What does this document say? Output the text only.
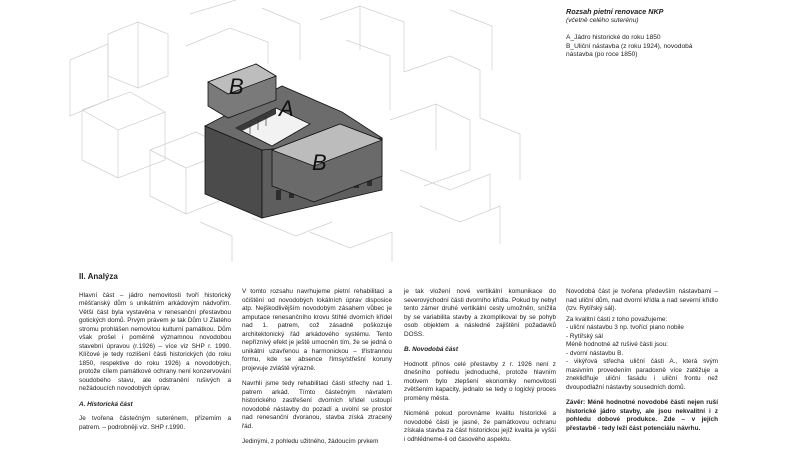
B
A
B
Rozsah pietní renovace NKP
(včetně celého suterénu)
A_Jádro historické do roku 1850
B_Uliční nástavba (z roku 1924), novodobá nástavba (po roce 1850)
II. Analýza

Hlavní část – jádro nemovitosti tvoří historický měšťanský dům s unikátním arkádovým nádvořím. Větší část byla vystavěna v renesanční přestavbou gotických domů. Prvým právem je tak Dům U Zlatého stromu prohlášen nemovitou kulturní památkou. Dům však prošel i poměrně významnou novodobou stavební úpravou (r.1926) – více viz SHP r. 1990. Klíčové je tedy rozlišení části historických (do roku 1850, respektive do roku 1926) a novodobých, protože cílem památkové ochrany není konzervování soudobého stavu, ale odstranění rušivých a nežádoucích novodobých úprav.

A. Historická část

Je tvořena částečným suterénem, přízemím a patrem. – podrobněji viz. SHP r.1990.

V tomto rozsahu navrhujeme pietní rehabilitaci a očištění od novodobých lokálních úprav disposice atp. Nejškodlivějším novodobým zásahem vůbec je amputace renesančního krovu štíhlé dvorních křídel nad 1. patrem, což zásadně poškozuje architektonický řád arkádového systému. Tento nepříznivý efekt je ještě umocněn tím, že se jedná o unikátní uzavřenou a harmonickou – třístrannou formu, kde se absence římsy/střešní koruny projevuje zvláště výrazně.

Navrhli jsme tedy rehabilitaci části střechy nad 1. patrem arkád. Tímto částečným návratem historického zastřešení dvorních křídel ustoupí novodobé nástavby do pozadí a uvolní se prostor nad renesanční dvoranou, stavba získá ztracený řád.

Jedinými, z pohledu užitného, žádoucím prvkem

je tak vložení nové vertikální komunikace do severovýchodní části dvorního křídla. Pokud by nebyl tento zámer druhé vertikální cesty umožněn, snížila by se variabilita stavby a zkomplikoval by se pohyb osob objektem a následné zajištění požadavků DOSS.

B. Novodobá část

Hodnotit přínos celé přestavby z r. 1926 není z dnešního pohledu jednoduché, protože hlavním motivem bylo zlepšení ekonomiky nemovitosti zvětšením kapacity, jednalo se tedy o logický proces proměny města.

Nicméně pokud porovnáme kvalitu historické a novodobé části je jasné, že památkovou ochranu získala stavba za část historickou jejíž kvalita je vyšší i odhlédneme-li od časového aspektu.

Novodobá část je tvořena především nástavbami – nad uliční dům, nad dvorní křídla a nad severní křídlo (tzv. Rytířský sál).

Za kvalitní části z toho považujeme:
- uliční nástavbu 3 np. tvořící piano nobile
- Rytířský sál
Méně hodnotné až rušivé části jsou:
- dvorní nástavbu B.

- vikýřová střecha uliční části A., která svým masivním provedením paradoxně více zatěžuje a znekliďňuje uliční fasádu i uliční frontu než dvoupodlažní nástavby sousedních domů.

Závěr: Méně hodnotné novodobé části nejen ruší historické jádro stavby, ale jsou nekvalitní i z pohledu dobové produkce. Zde – v jejích přestavbě - tedy leží část potenciálu návrhu.
